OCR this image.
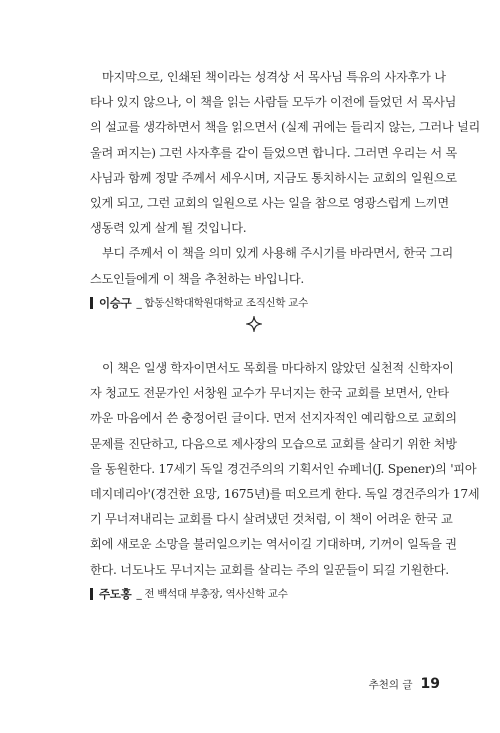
마지막으로, 인쇄된 책이라는 성격상 서 목사님 특유의 사자후가 나
타나 있지 않으나, 이 책을 읽는 사람들 모두가 이전에 들었던 서 목사님
의 설교를 생각하면서 책을 읽으면서 (실제 귀에는 들리지 않는, 그러나 널리
울려 퍼지는) 그런 사자후를 같이 들었으면 합니다. 그러면 우리는 서 목
사님과 함께 정말 주께서 세우시며, 지금도 통치하시는 교회의 일원으로
있게 되고, 그런 교회의 일원으로 사는 일을 참으로 영광스럽게 느끼면
생동력 있게 살게 될 것입니다.
부디 주께서 이 책을 의미 있게 사용해 주시기를 바라면서, 한국 그리
스도인들에게 이 책을 추천하는 바입니다.

이승구 _ 합동신학대학원대학교 조직신학 교수

이 책은 일생 학자이면서도 목회를 마다하지 않았던 실천적 신학자이
자 청교도 전문가인 서창원 교수가 무너지는 한국 교회를 보면서, 안타
까운 마음에서 쓴 충정어린 글이다. 먼저 선지자적인 예리함으로 교회의
문제를 진단하고, 다음으로 제사장의 모습으로 교회를 살리기 위한 처방
을 동원한다. 17세기 독일 경건주의의 기획서인 슈페너(J. Spener)의 '피아
데지데리아'(경건한 요망, 1675년)를 떠오르게 한다. 독일 경건주의가 17세
기 무너져내리는 교회를 다시 살려냈던 것처럼, 이 책이 어려운 한국 교
회에 새로운 소망을 불러일으키는 역서이길 기대하며, 기꺼이 일독을 권
한다. 너도나도 무너지는 교회를 살리는 주의 일꾼들이 되길 기원한다.

주도홍 _ 전 백석대 부총장, 역사신학 교수
추천의 글 19
